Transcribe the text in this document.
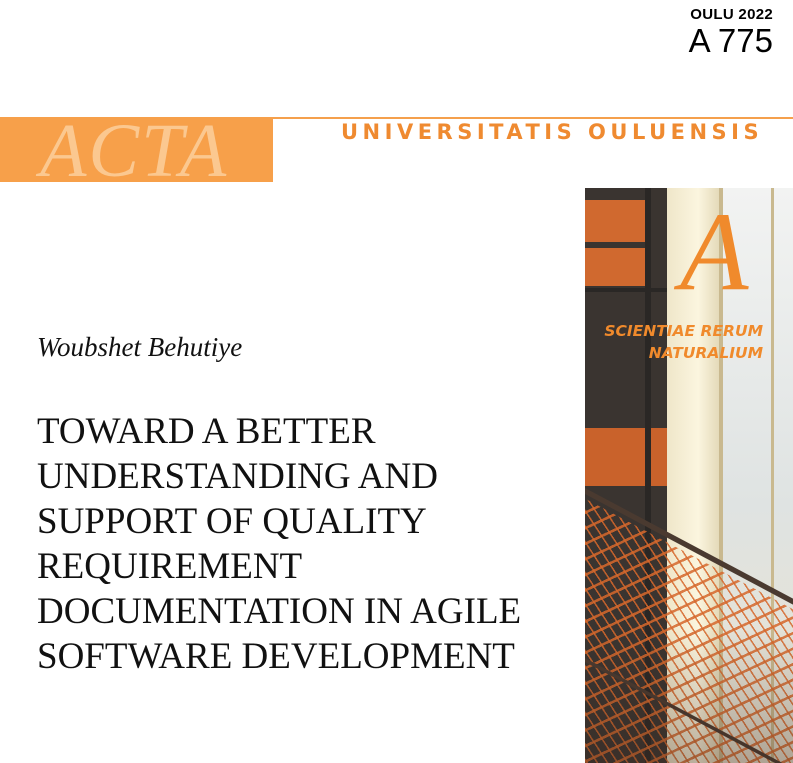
OULU 2022
A 775
ACTA	UNIVERSITATIS OULUENSIS
A
SCIENTIAE RERUM
NATURALIUM
Woubshet Behutiye
TOWARD A BETTER
UNDERSTANDING AND
SUPPORT OF QUALITY
REQUIREMENT
DOCUMENTATION IN AGILE
SOFTWARE DEVELOPMENT
